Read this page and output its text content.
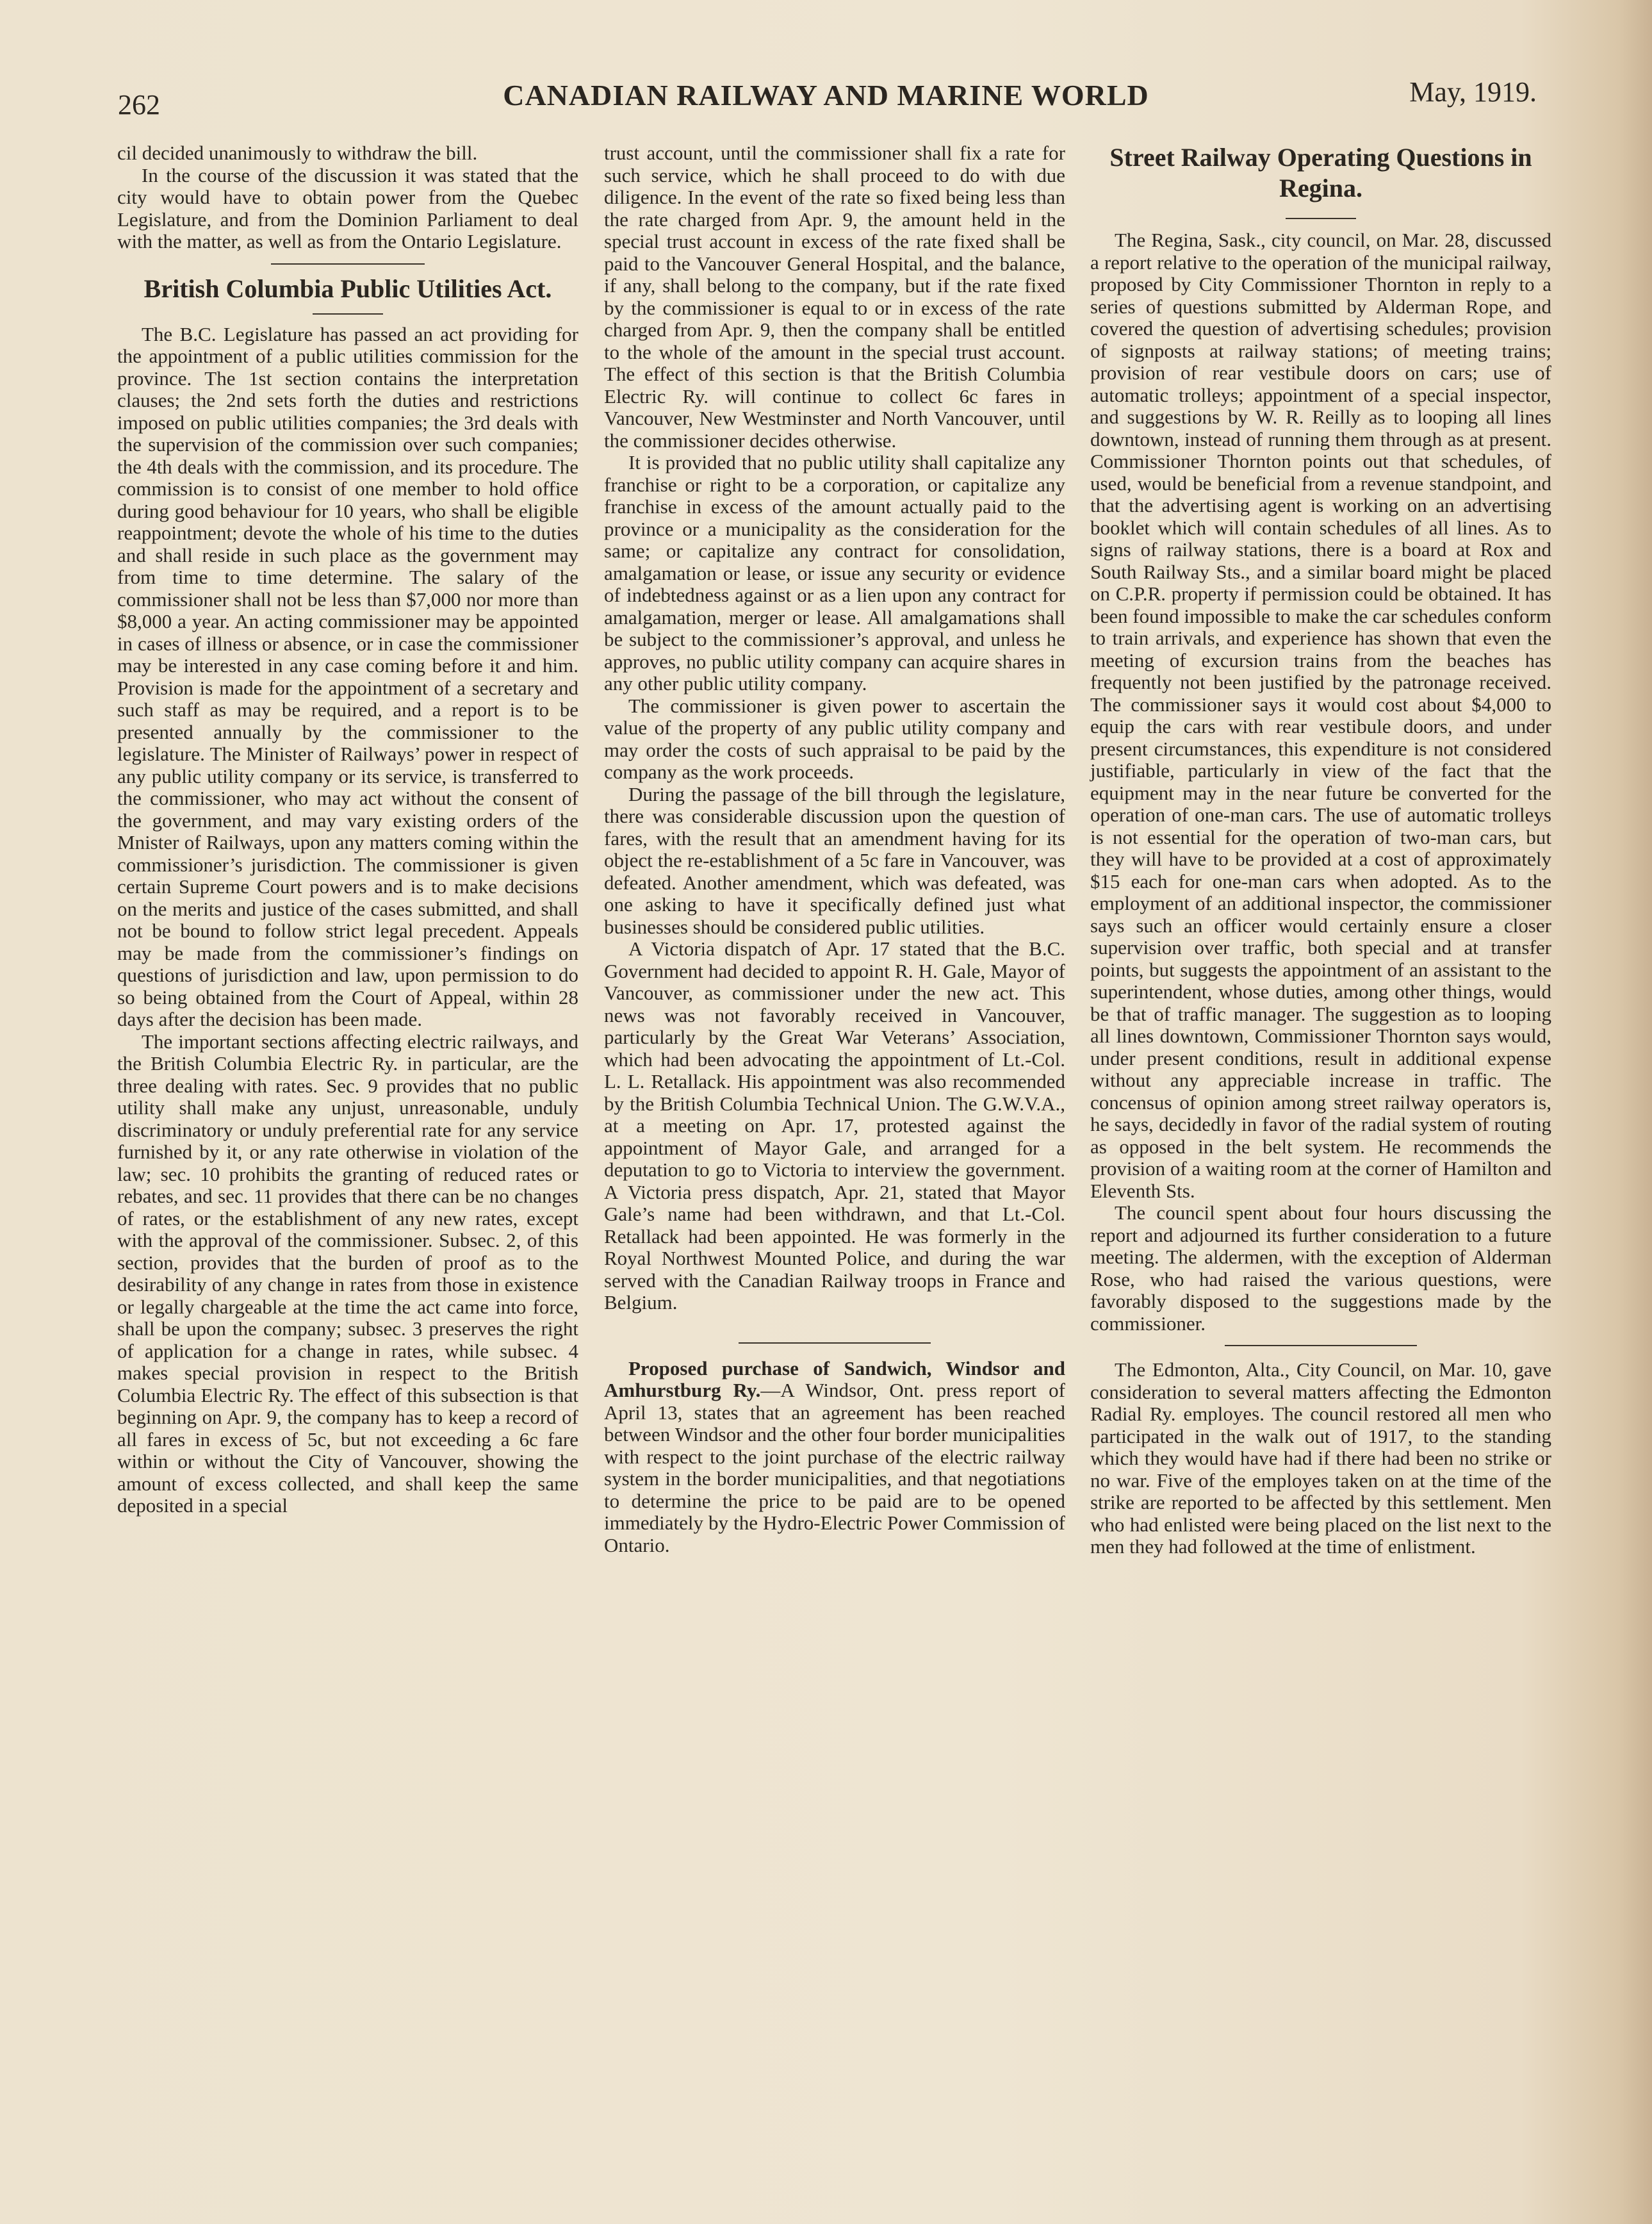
262	CANADIAN RAILWAY AND MARINE WORLD	May, 1919.

cil decided unanimously to withdraw the bill.

In the course of the discussion it was stated that the city would have to obtain power from the Quebec Legislature, and from the Dominion Parliament to deal with the matter, as well as from the Ontario Legislature.

British Columbia Public Utilities Act.

The B.C. Legislature has passed an act providing for the appointment of a public utilities commission for the province. The 1st section contains the interpretation clauses; the 2nd sets forth the duties and restrictions imposed on public utilities companies; the 3rd deals with the supervision of the commission over such companies; the 4th deals with the commission, and its procedure. The commission is to consist of one member to hold office during good behaviour for 10 years, who shall be eligible reappointment; devote the whole of his time to the duties and shall reside in such place as the government may from time to time determine. The salary of the commissioner shall not be less than $7,000 nor more than $8,000 a year. An acting commissioner may be appointed in cases of illness or absence, or in case the commissioner may be interested in any case coming before it and him. Provision is made for the appointment of a secretary and such staff as may be required, and a report is to be presented annually by the commissioner to the legislature. The Minister of Railways’ power in respect of any public utility company or its service, is transferred to the commissioner, who may act without the consent of the government, and may vary existing orders of the Mnister of Railways, upon any matters coming within the commissioner’s jurisdiction. The commissioner is given certain Supreme Court powers and is to make decisions on the merits and justice of the cases submitted, and shall not be bound to follow strict legal precedent. Appeals may be made from the commissioner’s findings on questions of jurisdiction and law, upon permission to do so being obtained from the Court of Appeal, within 28 days after the decision has been made.

The important sections affecting electric railways, and the British Columbia Electric Ry. in particular, are the three dealing with rates. Sec. 9 provides that no public utility shall make any unjust, unreasonable, unduly discriminatory or unduly preferential rate for any service furnished by it, or any rate otherwise in violation of the law; sec. 10 prohibits the granting of reduced rates or rebates, and sec. 11 provides that there can be no changes of rates, or the establishment of any new rates, except with the approval of the commissioner. Subsec. 2, of this section, provides that the burden of proof as to the desirability of any change in rates from those in existence or legally chargeable at the time the act came into force, shall be upon the company; subsec. 3 preserves the right of application for a change in rates, while subsec. 4 makes special provision in respect to the British Columbia Electric Ry. The effect of this subsection is that beginning on Apr. 9, the company has to keep a record of all fares in excess of 5c, but not exceeding a 6c fare within or without the City of Vancouver, showing the amount of excess collected, and shall keep the same deposited in a special

trust account, until the commissioner shall fix a rate for such service, which he shall proceed to do with due diligence. In the event of the rate so fixed being less than the rate charged from Apr. 9, the amount held in the special trust account in excess of the rate fixed shall be paid to the Vancouver General Hospital, and the balance, if any, shall belong to the company, but if the rate fixed by the commissioner is equal to or in excess of the rate charged from Apr. 9, then the company shall be entitled to the whole of the amount in the special trust account. The effect of this section is that the British Columbia Electric Ry. will continue to collect 6c fares in Vancouver, New Westminster and North Vancouver, until the commissioner decides otherwise.

It is provided that no public utility shall capitalize any franchise or right to be a corporation, or capitalize any franchise in excess of the amount actually paid to the province or a municipality as the consideration for the same; or capitalize any contract for consolidation, amalgamation or lease, or issue any security or evidence of indebtedness against or as a lien upon any contract for amalgamation, merger or lease. All amalgamations shall be subject to the commissioner’s approval, and unless he approves, no public utility company can acquire shares in any other public utility company.

The commissioner is given power to ascertain the value of the property of any public utility company and may order the costs of such appraisal to be paid by the company as the work proceeds.

During the passage of the bill through the legislature, there was considerable discussion upon the question of fares, with the result that an amendment having for its object the re-establishment of a 5c fare in Vancouver, was defeated. Another amendment, which was defeated, was one asking to have it specifically defined just what businesses should be considered public utilities.

A Victoria dispatch of Apr. 17 stated that the B.C. Government had decided to appoint R. H. Gale, Mayor of Vancouver, as commissioner under the new act. This news was not favorably received in Vancouver, particularly by the Great War Veterans’ Association, which had been advocating the appointment of Lt.-Col. L. L. Retallack. His appointment was also recommended by the British Columbia Technical Union. The G.W.V.A., at a meeting on Apr. 17, protested against the appointment of Mayor Gale, and arranged for a deputation to go to Victoria to interview the government. A Victoria press dispatch, Apr. 21, stated that Mayor Gale’s name had been withdrawn, and that Lt.-Col. Retallack had been appointed. He was formerly in the Royal Northwest Mounted Police, and during the war served with the Canadian Railway troops in France and Belgium.

Proposed purchase of Sandwich, Windsor and Amhurstburg Ry.—A Windsor, Ont. press report of April 13, states that an agreement has been reached between Windsor and the other four border municipalities with respect to the joint purchase of the electric railway system in the border municipalities, and that negotiations to determine the price to be paid are to be opened immediately by the Hydro-Electric Power Commission of Ontario.

Street Railway Operating Questions in Regina.

The Regina, Sask., city council, on Mar. 28, discussed a report relative to the operation of the municipal railway, proposed by City Commissioner Thornton in reply to a series of questions submitted by Alderman Rope, and covered the question of advertising schedules; provision of signposts at railway stations; of meeting trains; provision of rear vestibule doors on cars; use of automatic trolleys; appointment of a special inspector, and suggestions by W. R. Reilly as to looping all lines downtown, instead of running them through as at present. Commissioner Thornton points out that schedules, of used, would be beneficial from a revenue standpoint, and that the advertising agent is working on an advertising booklet which will contain schedules of all lines. As to signs of railway stations, there is a board at Rox and South Railway Sts., and a similar board might be placed on C.P.R. property if permission could be obtained. It has been found impossible to make the car schedules conform to train arrivals, and experience has shown that even the meeting of excursion trains from the beaches has frequently not been justified by the patronage received. The commissioner says it would cost about $4,000 to equip the cars with rear vestibule doors, and under present circumstances, this expenditure is not considered justifiable, particularly in view of the fact that the equipment may in the near future be converted for the operation of one-man cars. The use of automatic trolleys is not essential for the operation of two-man cars, but they will have to be provided at a cost of approximately $15 each for one-man cars when adopted. As to the employment of an additional inspector, the commissioner says such an officer would certainly ensure a closer supervision over traffic, both special and at transfer points, but suggests the appointment of an assistant to the superintendent, whose duties, among other things, would be that of traffic manager. The suggestion as to looping all lines downtown, Commissioner Thornton says would, under present conditions, result in additional expense without any appreciable increase in traffic. The concensus of opinion among street railway operators is, he says, decidedly in favor of the radial system of routing as opposed in the belt system. He recommends the provision of a waiting room at the corner of Hamilton and Eleventh Sts.

The council spent about four hours discussing the report and adjourned its further consideration to a future meeting. The aldermen, with the exception of Alderman Rose, who had raised the various questions, were favorably disposed to the suggestions made by the commissioner.

The Edmonton, Alta., City Council, on Mar. 10, gave consideration to several matters affecting the Edmonton Radial Ry. employes. The council restored all men who participated in the walk out of 1917, to the standing which they would have had if there had been no strike or no war. Five of the employes taken on at the time of the strike are reported to be affected by this settlement. Men who had enlisted were being placed on the list next to the men they had followed at the time of enlistment.
